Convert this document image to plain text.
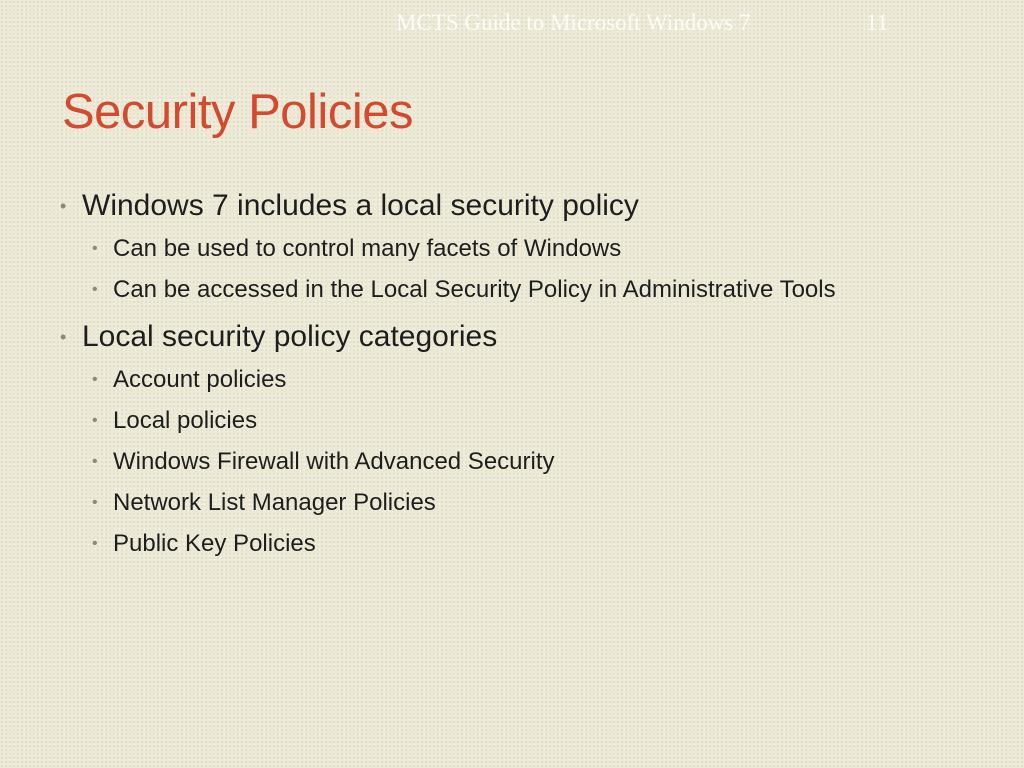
MCTS Guide to Microsoft Windows 7	11
Security Policies
• Windows 7 includes a local security policy
• Can be used to control many facets of Windows
• Can be accessed in the Local Security Policy in Administrative Tools
• Local security policy categories
• Account policies
• Local policies
• Windows Firewall with Advanced Security
• Network List Manager Policies
• Public Key Policies
